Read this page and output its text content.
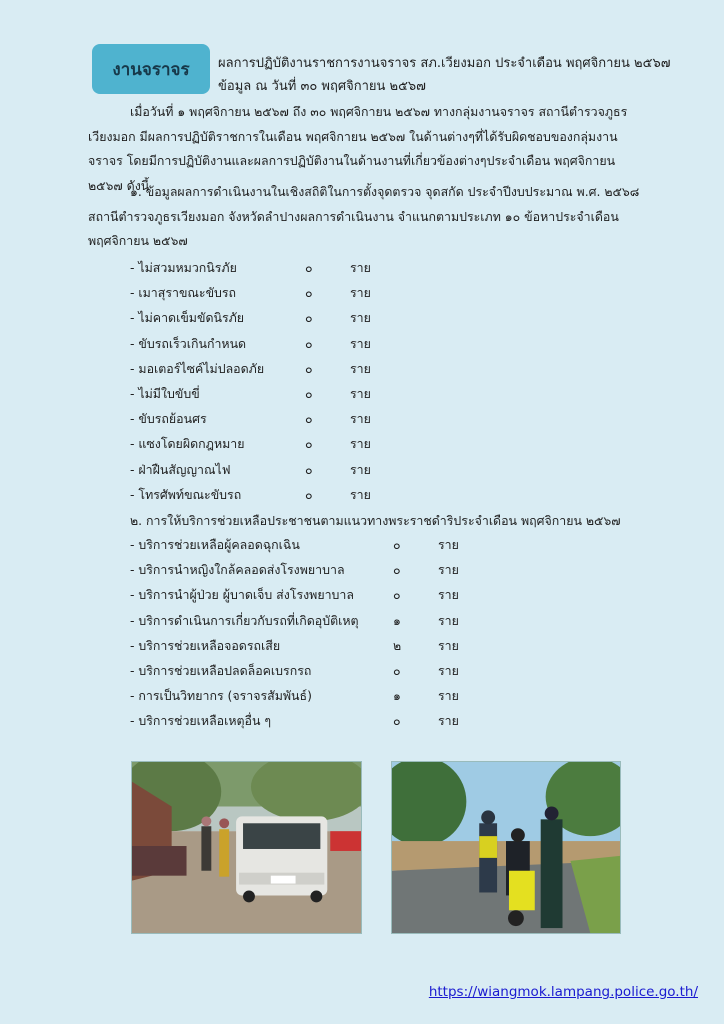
งานจราจร	ผลการปฏิบัติงานราชการงานจราจร สภ.เวียงมอก ประจำเดือน พฤศจิกายน ๒๕๖๗
ข้อมูล ณ วันที่ ๓๐ พฤศจิกายน ๒๕๖๗
เมื่อวันที่ ๑ พฤศจิกายน ๒๕๖๗ ถึง ๓๐ พฤศจิกายน ๒๕๖๗ ทางกลุ่มงานจราจร สถานีตำรวจภูธรเวียงมอก มีผลการปฏิบัติราชการในเดือน พฤศจิกายน ๒๕๖๗ ในด้านต่างๆที่ได้รับผิดชอบของกลุ่มงานจราจร โดยมีการปฏิบัติงานและผลการปฏิบัติงานในด้านงานที่เกี่ยวข้องต่างๆประจำเดือน พฤศจิกายน ๒๕๖๗ ดังนี้
๑. ข้อมูลผลการดำเนินงานในเชิงสถิติในการตั้งจุดตรวจ จุดสกัด ประจำปีงบประมาณ พ.ศ. ๒๕๖๘ สถานีตำรวจภูธรเวียงมอก จังหวัดลำปางผลการดำเนินงาน จำแนกตามประเภท ๑๐ ข้อหาประจำเดือน พฤศจิกายน ๒๕๖๗
- ไม่สวมหมวกนิรภัย	๐	ราย
- เมาสุราขณะขับรถ	๐	ราย
- ไม่คาดเข็มขัดนิรภัย	๐	ราย
- ขับรถเร็วเกินกำหนด	๐	ราย
- มอเตอร์ไซค์ไม่ปลอดภัย	๐	ราย
- ไม่มีใบขับขี่	๐	ราย
- ขับรถย้อนศร	๐	ราย
- แซงโดยผิดกฎหมาย	๐	ราย
- ฝ่าฝืนสัญญาณไฟ	๐	ราย
- โทรศัพท์ขณะขับรถ	๐	ราย
๒. การให้บริการช่วยเหลือประชาชนตามแนวทางพระราชดำริประจำเดือน พฤศจิกายน ๒๕๖๗
- บริการช่วยเหลือผู้คลอดฉุกเฉิน	๐	ราย
- บริการนำหญิงใกล้คลอดส่งโรงพยาบาล	๐	ราย
- บริการนำผู้ป่วย ผู้บาดเจ็บ ส่งโรงพยาบาล	๐	ราย
- บริการดำเนินการเกี่ยวกับรถที่เกิดอุบัติเหตุ	๑	ราย
- บริการช่วยเหลือจอดรถเสีย	๒	ราย
- บริการช่วยเหลือปลดล็อคเบรกรถ	๐	ราย
- การเป็นวิทยากร (จราจรสัมพันธ์)	๑	ราย
- บริการช่วยเหลือเหตุอื่น ๆ	๐	ราย
https://wiangmok.lampang.police.go.th/
